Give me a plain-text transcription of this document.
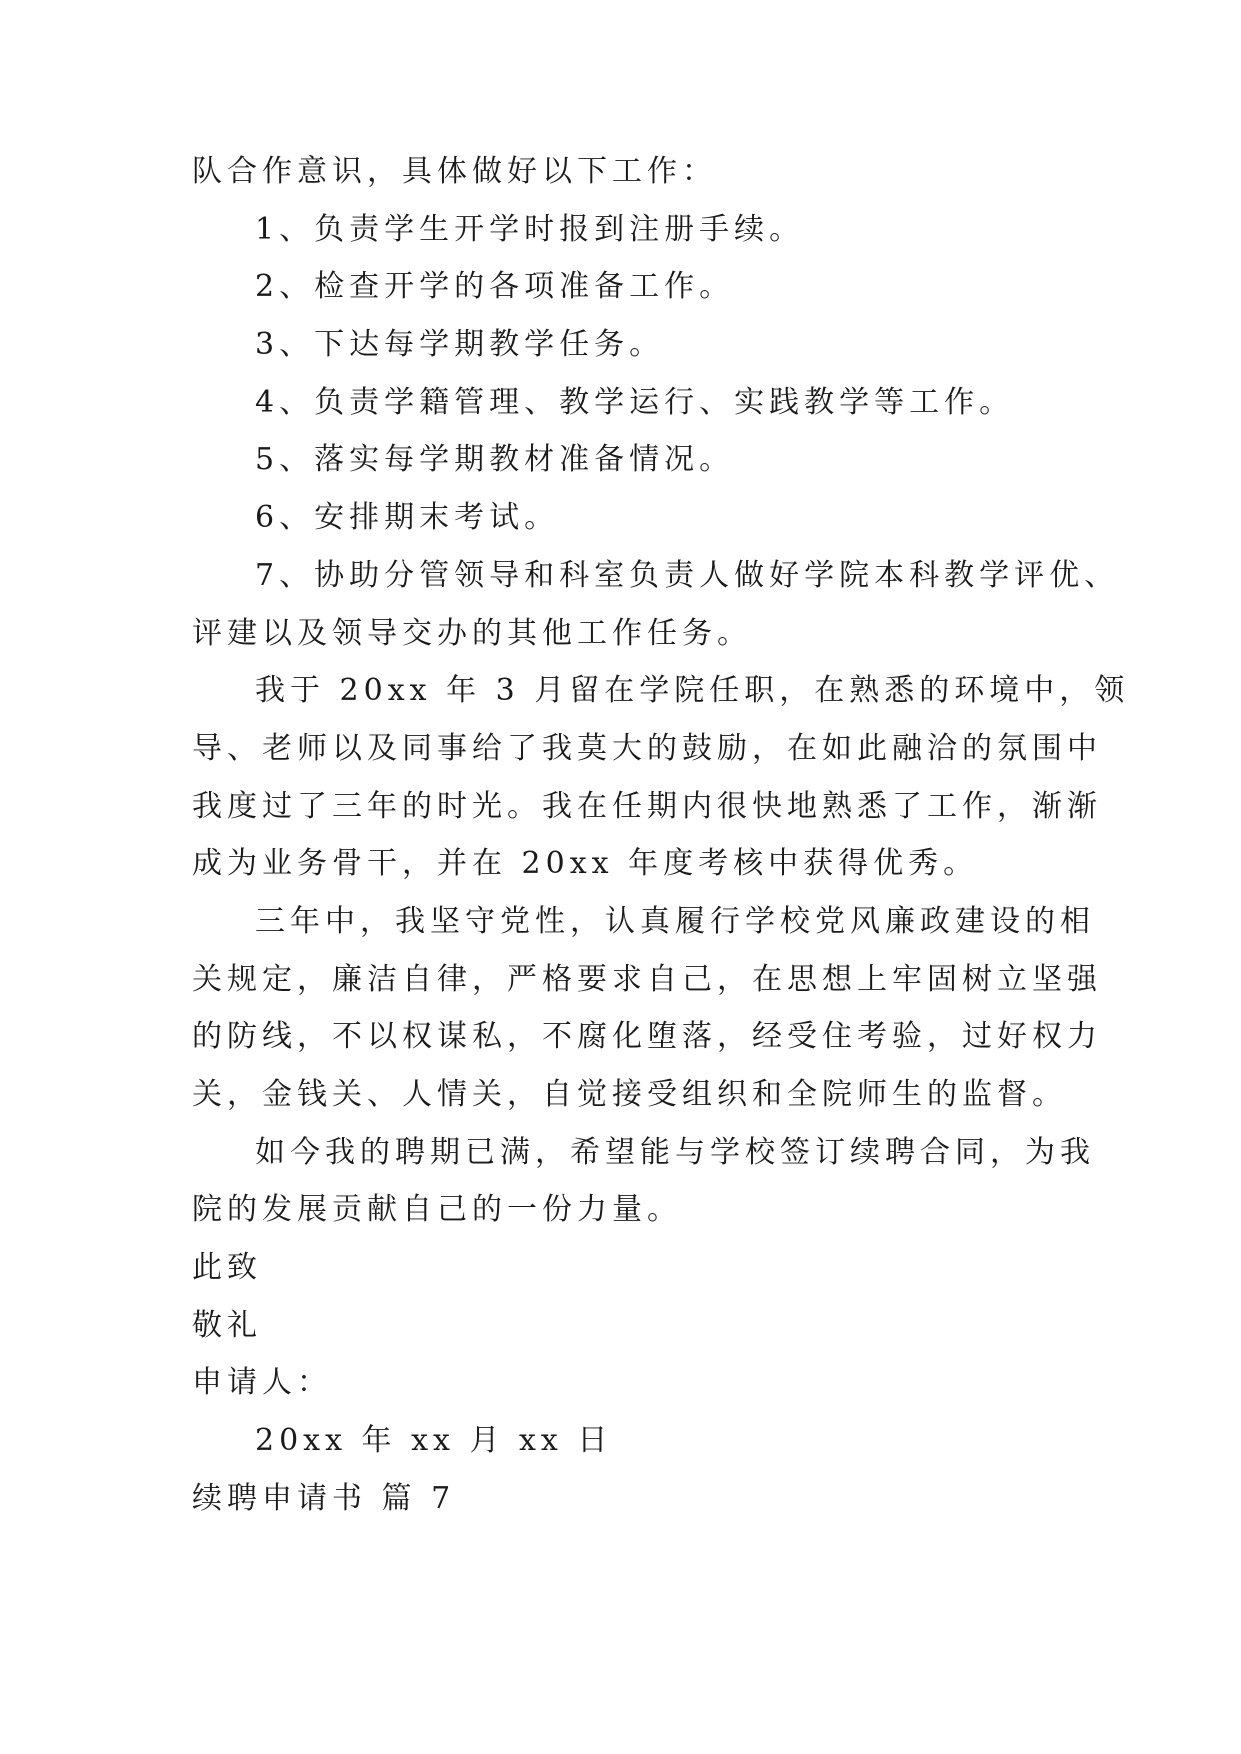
队合作意识，具体做好以下工作：
1、负责学生开学时报到注册手续。
2、检查开学的各项准备工作。
3、下达每学期教学任务。
4、负责学籍管理、教学运行、实践教学等工作。
5、落实每学期教材准备情况。
6、安排期末考试。
7、协助分管领导和科室负责人做好学院本科教学评优、
评建以及领导交办的其他工作任务。
我于 20xx 年 3 月留在学院任职，在熟悉的环境中，领
导、老师以及同事给了我莫大的鼓励，在如此融洽的氛围中
我度过了三年的时光。我在任期内很快地熟悉了工作，渐渐
成为业务骨干，并在 20xx 年度考核中获得优秀。
三年中，我坚守党性，认真履行学校党风廉政建设的相
关规定，廉洁自律，严格要求自己，在思想上牢固树立坚强
的防线，不以权谋私，不腐化堕落，经受住考验，过好权力
关，金钱关、人情关，自觉接受组织和全院师生的监督。
如今我的聘期已满，希望能与学校签订续聘合同，为我
院的发展贡献自己的一份力量。
此致
敬礼
申请人：
20xx 年 xx 月 xx 日
续聘申请书 篇 7
